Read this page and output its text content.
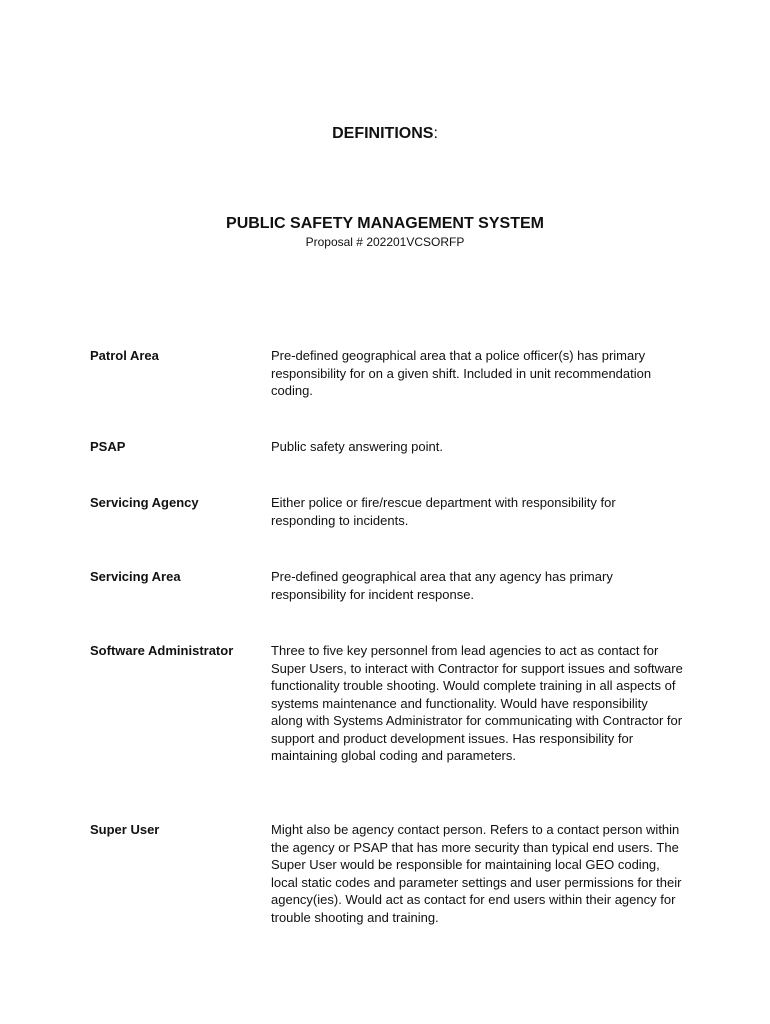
DEFINITIONS:
PUBLIC SAFETY MANAGEMENT SYSTEM
Proposal # 202201VCSORFP
Patrol Area	Pre-defined geographical area that a police officer(s) has primary responsibility for on a given shift. Included in unit recommendation coding.
PSAP	Public safety answering point.
Servicing Agency	Either police or fire/rescue department with responsibility for responding to incidents.
Servicing Area	Pre-defined geographical area that any agency has primary responsibility for incident response.
Software Administrator	Three to five key personnel from lead agencies to act as contact for Super Users, to interact with Contractor for support issues and software functionality trouble shooting. Would complete training in all aspects of systems maintenance and functionality. Would have responsibility along with Systems Administrator for communicating with Contractor for support and product development issues. Has responsibility for maintaining global coding and parameters.
Super User	Might also be agency contact person. Refers to a contact person within the agency or PSAP that has more security than typical end users. The Super User would be responsible for maintaining local GEO coding, local static codes and parameter settings and user permissions for their agency(ies). Would act as contact for end users within their agency for trouble shooting and training.
